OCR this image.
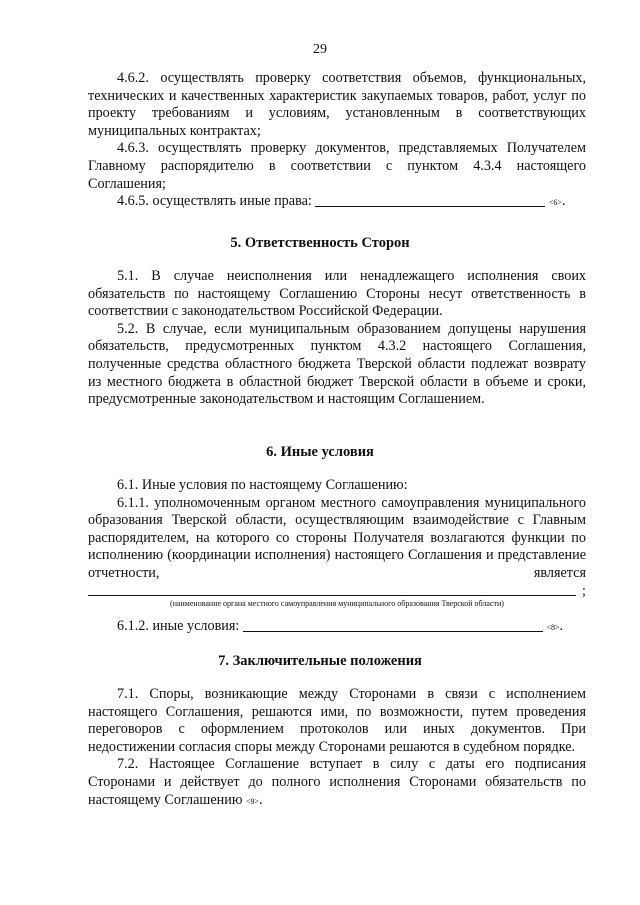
29

4.6.2. осуществлять проверку соответствия объемов, функциональных, технических и качественных характеристик закупаемых товаров, работ, услуг по проекту требованиям и условиям, установленным в соответствующих муниципальных контрактах;

4.6.3. осуществлять проверку документов, представляемых Получателем Главному распорядителю в соответствии с пунктом 4.3.4 настоящего Соглашения;

4.6.5. осуществлять иные права:	<6>.

5. Ответственность Сторон

5.1. В случае неисполнения или ненадлежащего исполнения своих обязательств по настоящему Соглашению Стороны несут ответственность в соответствии с законодательством Российской Федерации.

5.2. В случае, если муниципальным образованием допущены нарушения обязательств, предусмотренных пунктом 4.3.2 настоящего Соглашения, полученные средства областного бюджета Тверской области подлежат возврату из местного бюджета в областной бюджет Тверской области в объеме и сроки, предусмотренные законодательством и настоящим Соглашением.

6. Иные условия

6.1. Иные условия по настоящему Соглашению:

6.1.1. уполномоченным органом местного самоуправления муниципального образования Тверской области, осуществляющим взаимодействие с Главным распорядителем, на которого со стороны Получателя возлагаются функции по исполнению (координации исполнения) настоящего Соглашения и представление отчетности, является

;

(наименование органа местного самоуправления муниципального образования Тверской области)

6.1.2. иные условия:	<8>.

7. Заключительные положения

7.1. Споры, возникающие между Сторонами в связи с исполнением настоящего Соглашения, решаются ими, по возможности, путем проведения переговоров с оформлением протоколов или иных документов. При недостижении согласия споры между Сторонами решаются в судебном порядке.

7.2. Настоящее Соглашение вступает в силу с даты его подписания Сторонами и действует до полного исполнения Сторонами обязательств по настоящему Соглашению <9>.
